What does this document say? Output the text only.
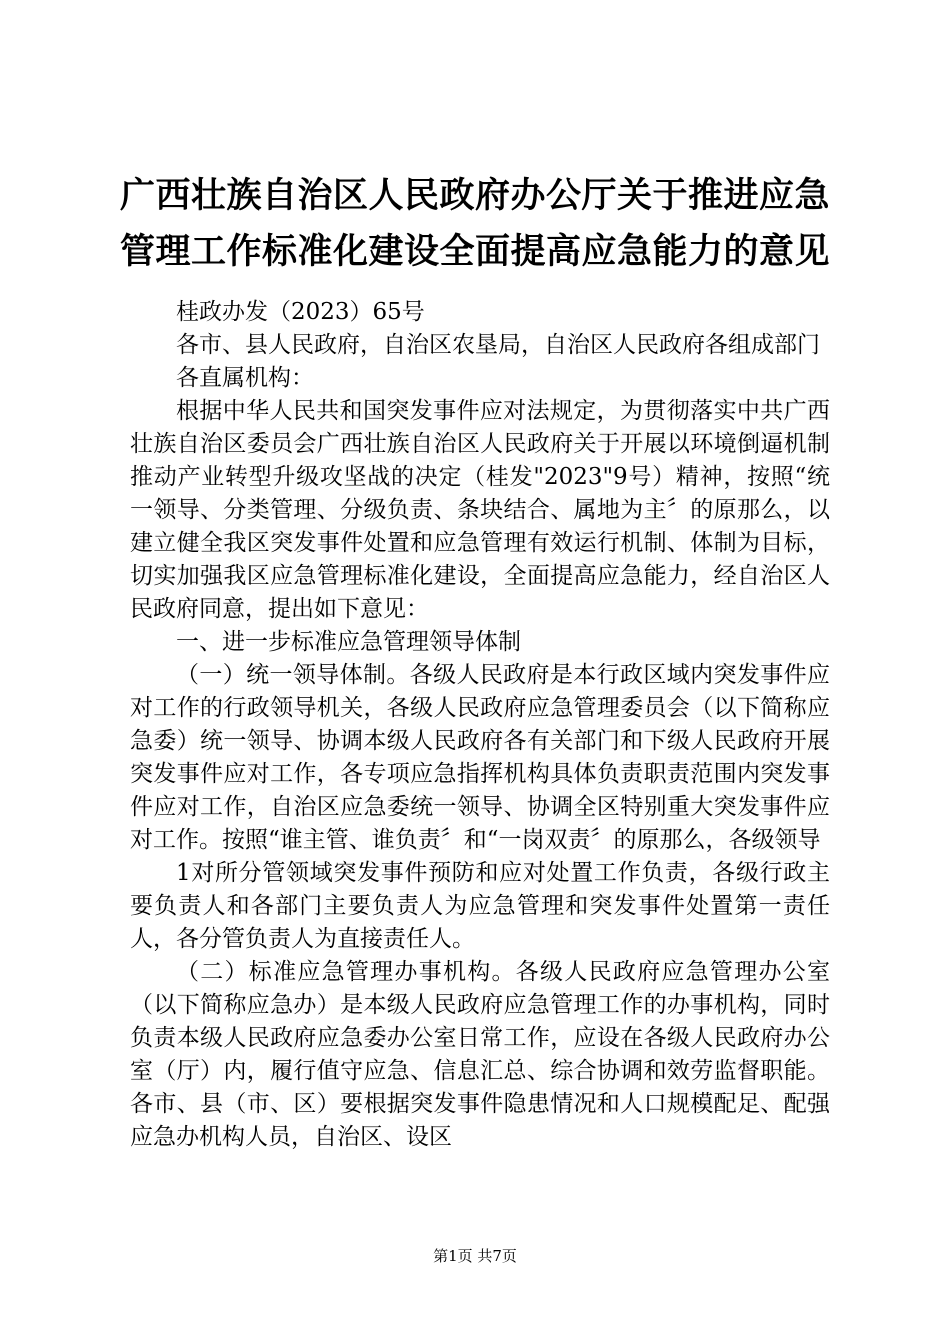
广西壮族自治区人民政府办公厅关于推进应急
管理工作标准化建设全面提高应急能力的意见

桂政办发（2023）65号

各市、县人民政府，自治区农垦局，自治区人民政府各组成部门

各直属机构：

根据中华人民共和国突发事件应对法规定，为贯彻落实中共广西壮族自治区委员会广西壮族自治区人民政府关于开展以环境倒逼机制推动产业转型升级攻坚战的决定（桂发"2023"9号）精神，按照“统一领导、分类管理、分级负责、条块结合、属地为主〞的原那么，以建立健全我区突发事件处置和应急管理有效运行机制、体制为目标，切实加强我区应急管理标准化建设，全面提高应急能力，经自治区人民政府同意，提出如下意见：

一、进一步标准应急管理领导体制

（一）统一领导体制。各级人民政府是本行政区域内突发事件应对工作的行政领导机关，各级人民政府应急管理委员会（以下简称应急委）统一领导、协调本级人民政府各有关部门和下级人民政府开展突发事件应对工作，各专项应急指挥机构具体负责职责范围内突发事件应对工作，自治区应急委统一领导、协调全区特别重大突发事件应对工作。按照“谁主管、谁负责〞和“一岗双责〞的原那么，各级领导

1对所分管领域突发事件预防和应对处置工作负责，各级行政主要负责人和各部门主要负责人为应急管理和突发事件处置第一责任人，各分管负责人为直接责任人。

（二）标准应急管理办事机构。各级人民政府应急管理办公室（以下简称应急办）是本级人民政府应急管理工作的办事机构，同时负责本级人民政府应急委办公室日常工作，应设在各级人民政府办公室（厅）内，履行值守应急、信息汇总、综合协调和效劳监督职能。各市、县（市、区）要根据突发事件隐患情况和人口规模配足、配强应急办机构人员，自治区、设区

第1页 共7页
